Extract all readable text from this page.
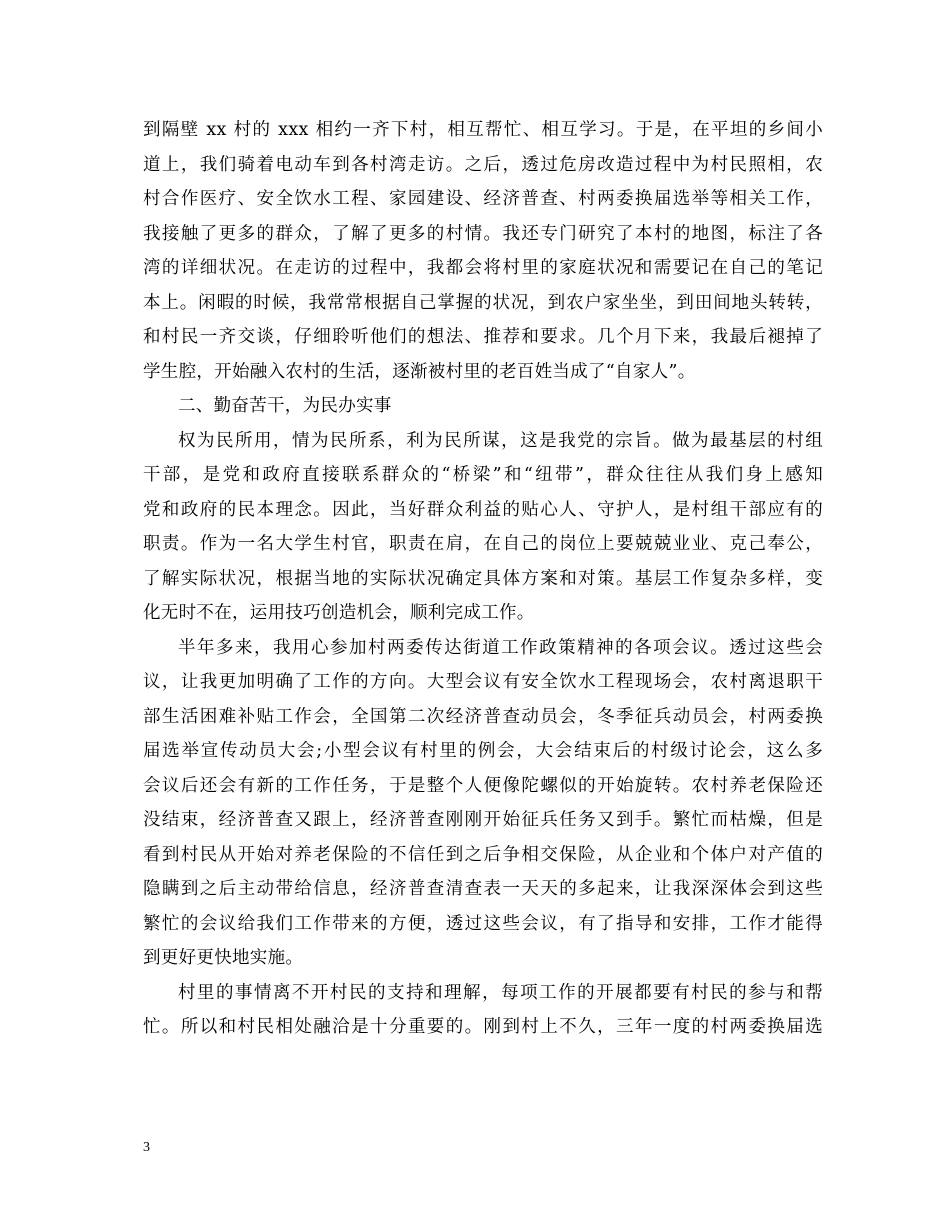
到隔壁 xx 村的 xxx 相约一齐下村，相互帮忙、相互学习。于是，在平坦的乡间小
道上，我们骑着电动车到各村湾走访。之后，透过危房改造过程中为村民照相，农
村合作医疗、安全饮水工程、家园建设、经济普查、村两委换届选举等相关工作，
我接触了更多的群众，了解了更多的村情。我还专门研究了本村的地图，标注了各
湾的详细状况。在走访的过程中，我都会将村里的家庭状况和需要记在自己的笔记
本上。闲暇的时候，我常常根据自己掌握的状况，到农户家坐坐，到田间地头转转，
和村民一齐交谈，仔细聆听他们的想法、推荐和要求。几个月下来，我最后褪掉了
学生腔，开始融入农村的生活，逐渐被村里的老百姓当成了“自家人”。
二、勤奋苦干，为民办实事
权为民所用，情为民所系，利为民所谋，这是我党的宗旨。做为最基层的村组
干部，是党和政府直接联系群众的“桥梁”和“纽带”，群众往往从我们身上感知
党和政府的民本理念。因此，当好群众利益的贴心人、守护人，是村组干部应有的
职责。作为一名大学生村官，职责在肩，在自己的岗位上要兢兢业业、克己奉公，
了解实际状况，根据当地的实际状况确定具体方案和对策。基层工作复杂多样，变
化无时不在，运用技巧创造机会，顺利完成工作。
半年多来，我用心参加村两委传达街道工作政策精神的各项会议。透过这些会
议，让我更加明确了工作的方向。大型会议有安全饮水工程现场会，农村离退职干
部生活困难补贴工作会，全国第二次经济普查动员会，冬季征兵动员会，村两委换
届选举宣传动员大会;小型会议有村里的例会，大会结束后的村级讨论会，这么多
会议后还会有新的工作任务，于是整个人便像陀螺似的开始旋转。农村养老保险还
没结束，经济普查又跟上，经济普查刚刚开始征兵任务又到手。繁忙而枯燥，但是
看到村民从开始对养老保险的不信任到之后争相交保险，从企业和个体户对产值的
隐瞒到之后主动带给信息，经济普查清查表一天天的多起来，让我深深体会到这些
繁忙的会议给我们工作带来的方便，透过这些会议，有了指导和安排，工作才能得
到更好更快地实施。
村里的事情离不开村民的支持和理解，每项工作的开展都要有村民的参与和帮
忙。所以和村民相处融洽是十分重要的。刚到村上不久，三年一度的村两委换届选
3
